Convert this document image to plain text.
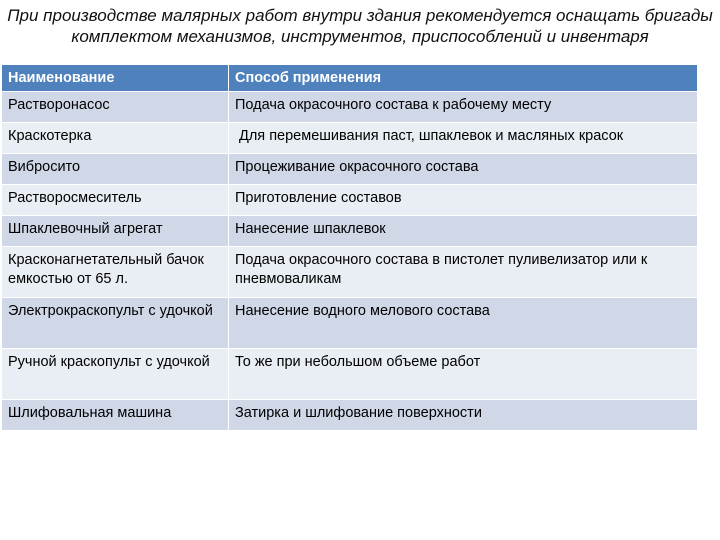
При производстве малярных работ внутри здания рекомендуется оснащать бригады комплектом механизмов, инструментов, приспособлений и инвентаря

Наименование	Способ применения
Растворонасос	Подача окрасочного состава к рабочему месту
Краскотерка	Для перемешивания паст, шпаклевок и масляных красок
Вибросито	Процеживание окрасочного состава
Растворосмеситель	Приготовление составов
Шпаклевочный агрегат	Нанесение шпаклевок
Красконагнетательный бачок емкостью от 65 л.	Подача окрасочного состава в пистолет пуливелизатор или к пневмоваликам
Электрокраскопульт с удочкой	Нанесение водного мелового состава
Ручной краскопульт с удочкой	То же при небольшом объеме работ
Шлифовальная машина	Затирка и шлифование поверхности
